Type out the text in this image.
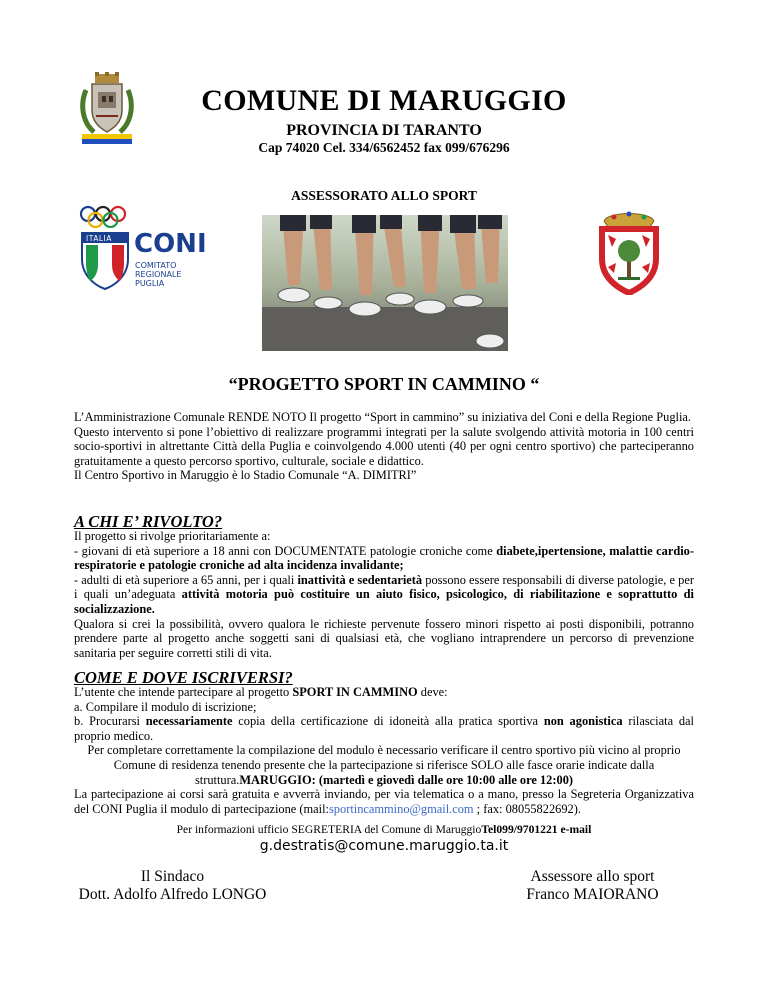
COMUNE DI MARUGGIO
PROVINCIA DI TARANTO
Cap 74020 Cel. 334/6562452 fax 099/676296
ASSESSORATO ALLO SPORT
ITALIA CONI
COMITATO
REGIONALE
PUGLIA
“PROGETTO SPORT IN CAMMINO “

L’Amministrazione Comunale RENDE NOTO Il progetto “Sport in cammino” su iniziativa del Coni e della Regione Puglia.

Questo intervento si pone l’obiettivo di realizzare programmi integrati per la salute svolgendo attività motoria in 100 centri socio-sportivi in altrettante Città della Puglia e coinvolgendo 4.000 utenti (40 per ogni centro sportivo) che parteciperanno gratuitamente a questo percorso sportivo, culturale, sociale e didattico.

Il Centro Sportivo in Maruggio è lo Stadio Comunale “A. DIMITRI”

A CHI E’ RIVOLTO?

Il progetto si rivolge prioritariamente a:

- giovani di età superiore a 18 anni con DOCUMENTATE patologie croniche come diabete,ipertensione, malattie cardio-respiratorie e patologie croniche ad alta incidenza invalidante;

- adulti di età superiore a 65 anni, per i quali inattività e sedentarietà possono essere responsabili di diverse patologie, e per i quali un’adeguata attività motoria può costituire un aiuto fisico, psicologico, di riabilitazione e soprattutto di socializzazione.

Qualora si crei la possibilità, ovvero qualora le richieste pervenute fossero minori rispetto ai posti disponibili, potranno prendere parte al progetto anche soggetti sani di qualsiasi età, che vogliano intraprendere un percorso di prevenzione sanitaria per seguire corretti stili di vita.

COME E DOVE ISCRIVERSI?

L’utente che intende partecipare al progetto SPORT IN CAMMINO deve:

a. Compilare il modulo di iscrizione;

b. Procurarsi necessariamente copia della certificazione di idoneità alla pratica sportiva non agonistica rilasciata dal proprio medico.

Per completare correttamente la compilazione del modulo è necessario verificare il centro sportivo più vicino al proprio Comune di residenza tenendo presente che la partecipazione si riferisce SOLO alle fasce orarie indicate dalla struttura.MARUGGIO: (martedì e giovedì dalle ore 10:00 alle ore 12:00)

La partecipazione ai corsi sarà gratuita e avverrà inviando, per via telematica o a mano, presso la Segreteria Organizzativa del CONI Puglia il modulo di partecipazione (mail:sportincammino@gmail.com ; fax: 08055822692).

Per informazioni ufficio SEGRETERIA del Comune di MaruggioTel099/9701221 e-mail
g.destratis@comune.maruggio.ta.it
Il Sindaco
Dott. Adolfo Alfredo LONGO
Assessore allo sport
Franco MAIORANO
